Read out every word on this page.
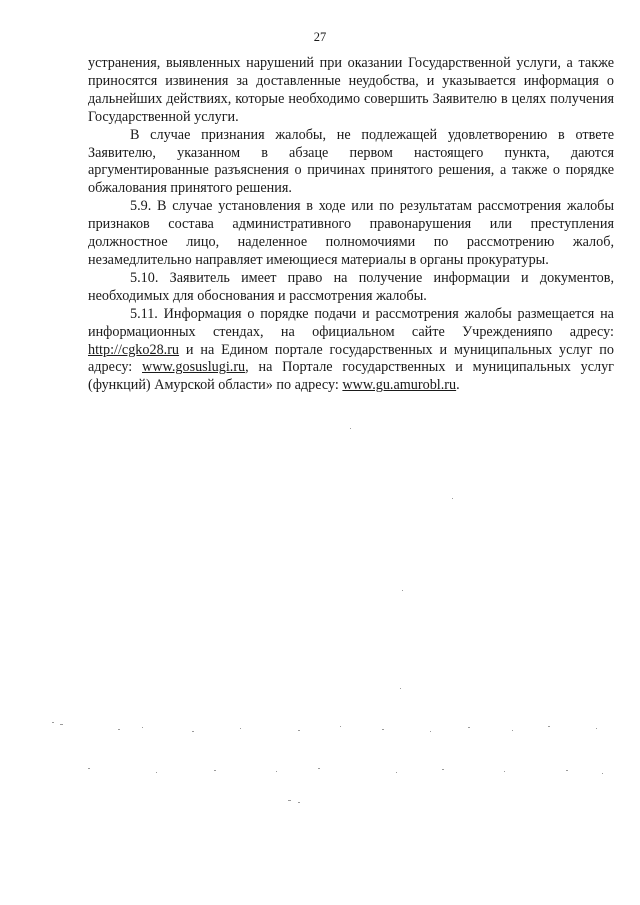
27

устранения, выявленных нарушений при оказании Государственной услуги, а также приносятся извинения за доставленные неудобства, и указывается информация о дальнейших действиях, которые необходимо совершить Заявителю в целях получения Государственной услуги.

В случае признания жалобы, не подлежащей удовлетворению в ответе Заявителю, указанном в абзаце первом настоящего пункта, даются аргументированные разъяснения о причинах принятого решения, а также о порядке обжалования принятого решения.

5.9. В случае установления в ходе или по результатам рассмотрения жалобы признаков состава административного правонарушения или преступления должностное лицо, наделенное полномочиями по рассмотрению жалоб, незамедлительно направляет имеющиеся материалы в органы прокуратуры.

5.10. Заявитель имеет право на получение информации и документов, необходимых для обоснования и рассмотрения жалобы.

5.11. Информация о порядке подачи и рассмотрения жалобы размещается на информационных стендах, на официальном сайте Учрежденияпо адресу: http://cgko28.ru и на Едином портале государственных и муниципальных услуг по адресу: www.gosuslugi.ru, на Портале государственных и муниципальных услуг (функций) Амурской области» по адресу: www.gu.amurobl.ru.
